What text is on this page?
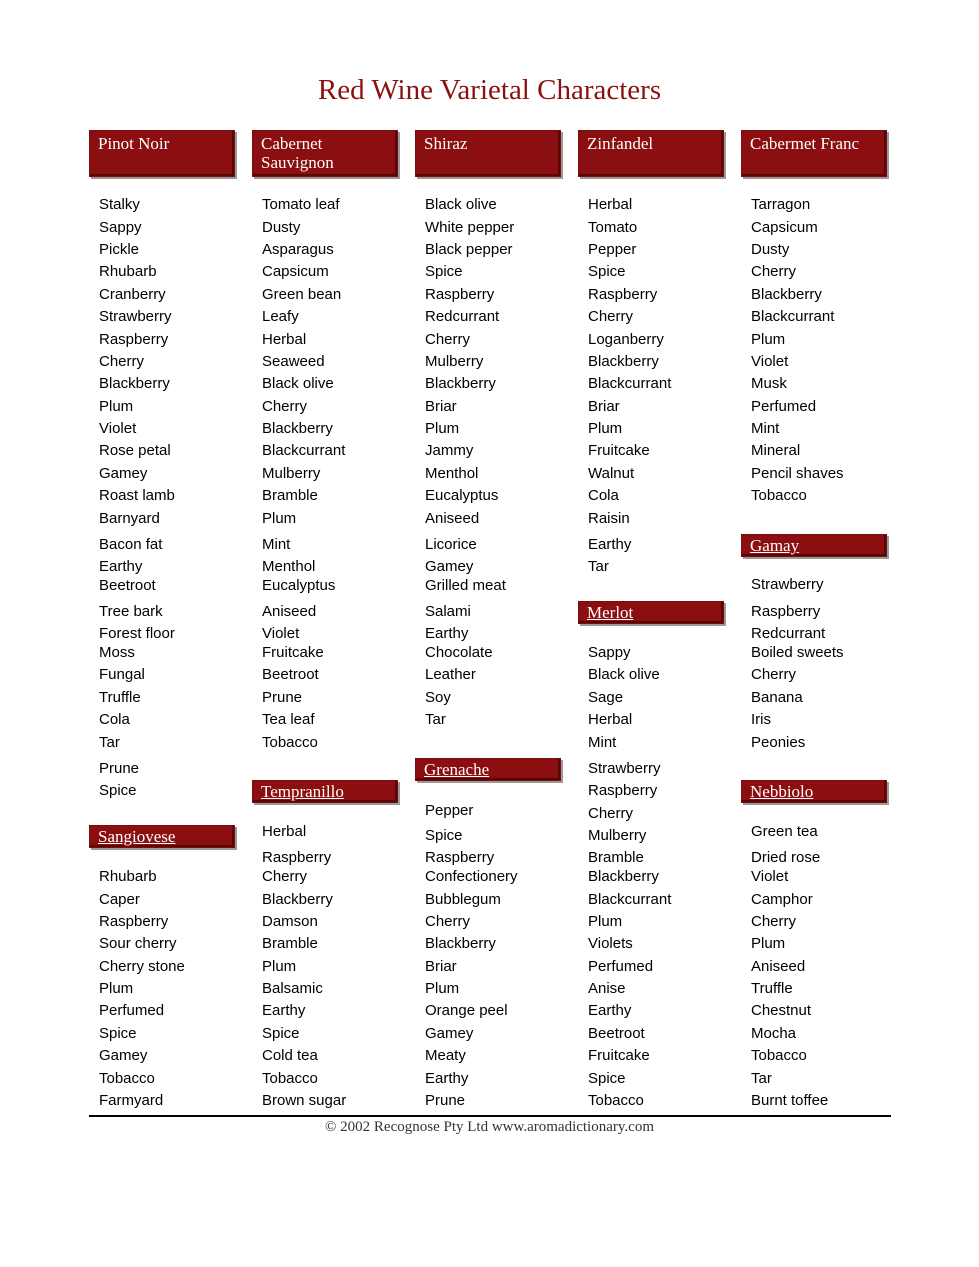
Red Wine Varietal Characters
Pinot Noir
Stalky
Sappy
Pickle
Rhubarb
Cranberry
Strawberry
Raspberry
Cherry
Blackberry
Plum
Violet
Rose petal
Gamey
Roast lamb
Barnyard
Bacon fat
Earthy
Beetroot
Tree bark
Forest floor
Moss
Fungal
Truffle
Cola
Tar
Prune
Spice
Sangiovese
Rhubarb
Caper
Raspberry
Sour cherry
Cherry stone
Plum
Perfumed
Spice
Gamey
Tobacco
Farmyard
Cabernet Sauvignon
Tomato leaf
Dusty
Asparagus
Capsicum
Green bean
Leafy
Herbal
Seaweed
Black olive
Cherry
Blackberry
Blackcurrant
Mulberry
Bramble
Plum
Mint
Menthol
Eucalyptus
Aniseed
Violet
Fruitcake
Beetroot
Prune
Tea leaf
Tobacco
Tempranillo
Herbal
Raspberry
Cherry
Blackberry
Damson
Bramble
Plum
Balsamic
Earthy
Spice
Cold tea
Tobacco
Brown sugar
Shiraz
Black olive
White pepper
Black pepper
Spice
Raspberry
Redcurrant
Cherry
Mulberry
Blackberry
Briar
Plum
Jammy
Menthol
Eucalyptus
Aniseed
Licorice
Gamey
Grilled meat
Salami
Earthy
Chocolate
Leather
Soy
Tar
Grenache
Pepper
Spice
Raspberry
Confectionery
Bubblegum
Cherry
Blackberry
Briar
Plum
Orange peel
Gamey
Meaty
Earthy
Prune
Zinfandel
Herbal
Tomato
Pepper
Spice
Raspberry
Cherry
Loganberry
Blackberry
Blackcurrant
Briar
Plum
Fruitcake
Walnut
Cola
Raisin
Earthy
Tar
Merlot
Sappy
Black olive
Sage
Herbal
Mint
Strawberry
Raspberry
Cherry
Mulberry
Bramble
Blackberry
Blackcurrant
Plum
Violets
Perfumed
Anise
Earthy
Beetroot
Fruitcake
Spice
Tobacco
Cabermet Franc
Tarragon
Capsicum
Dusty
Cherry
Blackberry
Blackcurrant
Plum
Violet
Musk
Perfumed
Mint
Mineral
Pencil shaves
Tobacco
Gamay
Strawberry
Raspberry
Redcurrant
Boiled sweets
Cherry
Banana
Iris
Peonies
Nebbiolo
Green tea
Dried rose
Violet
Camphor
Cherry
Plum
Aniseed
Truffle
Chestnut
Mocha
Tobacco
Tar
Burnt toffee
© 2002 Recognose Pty Ltd www.aromadictionary.com
